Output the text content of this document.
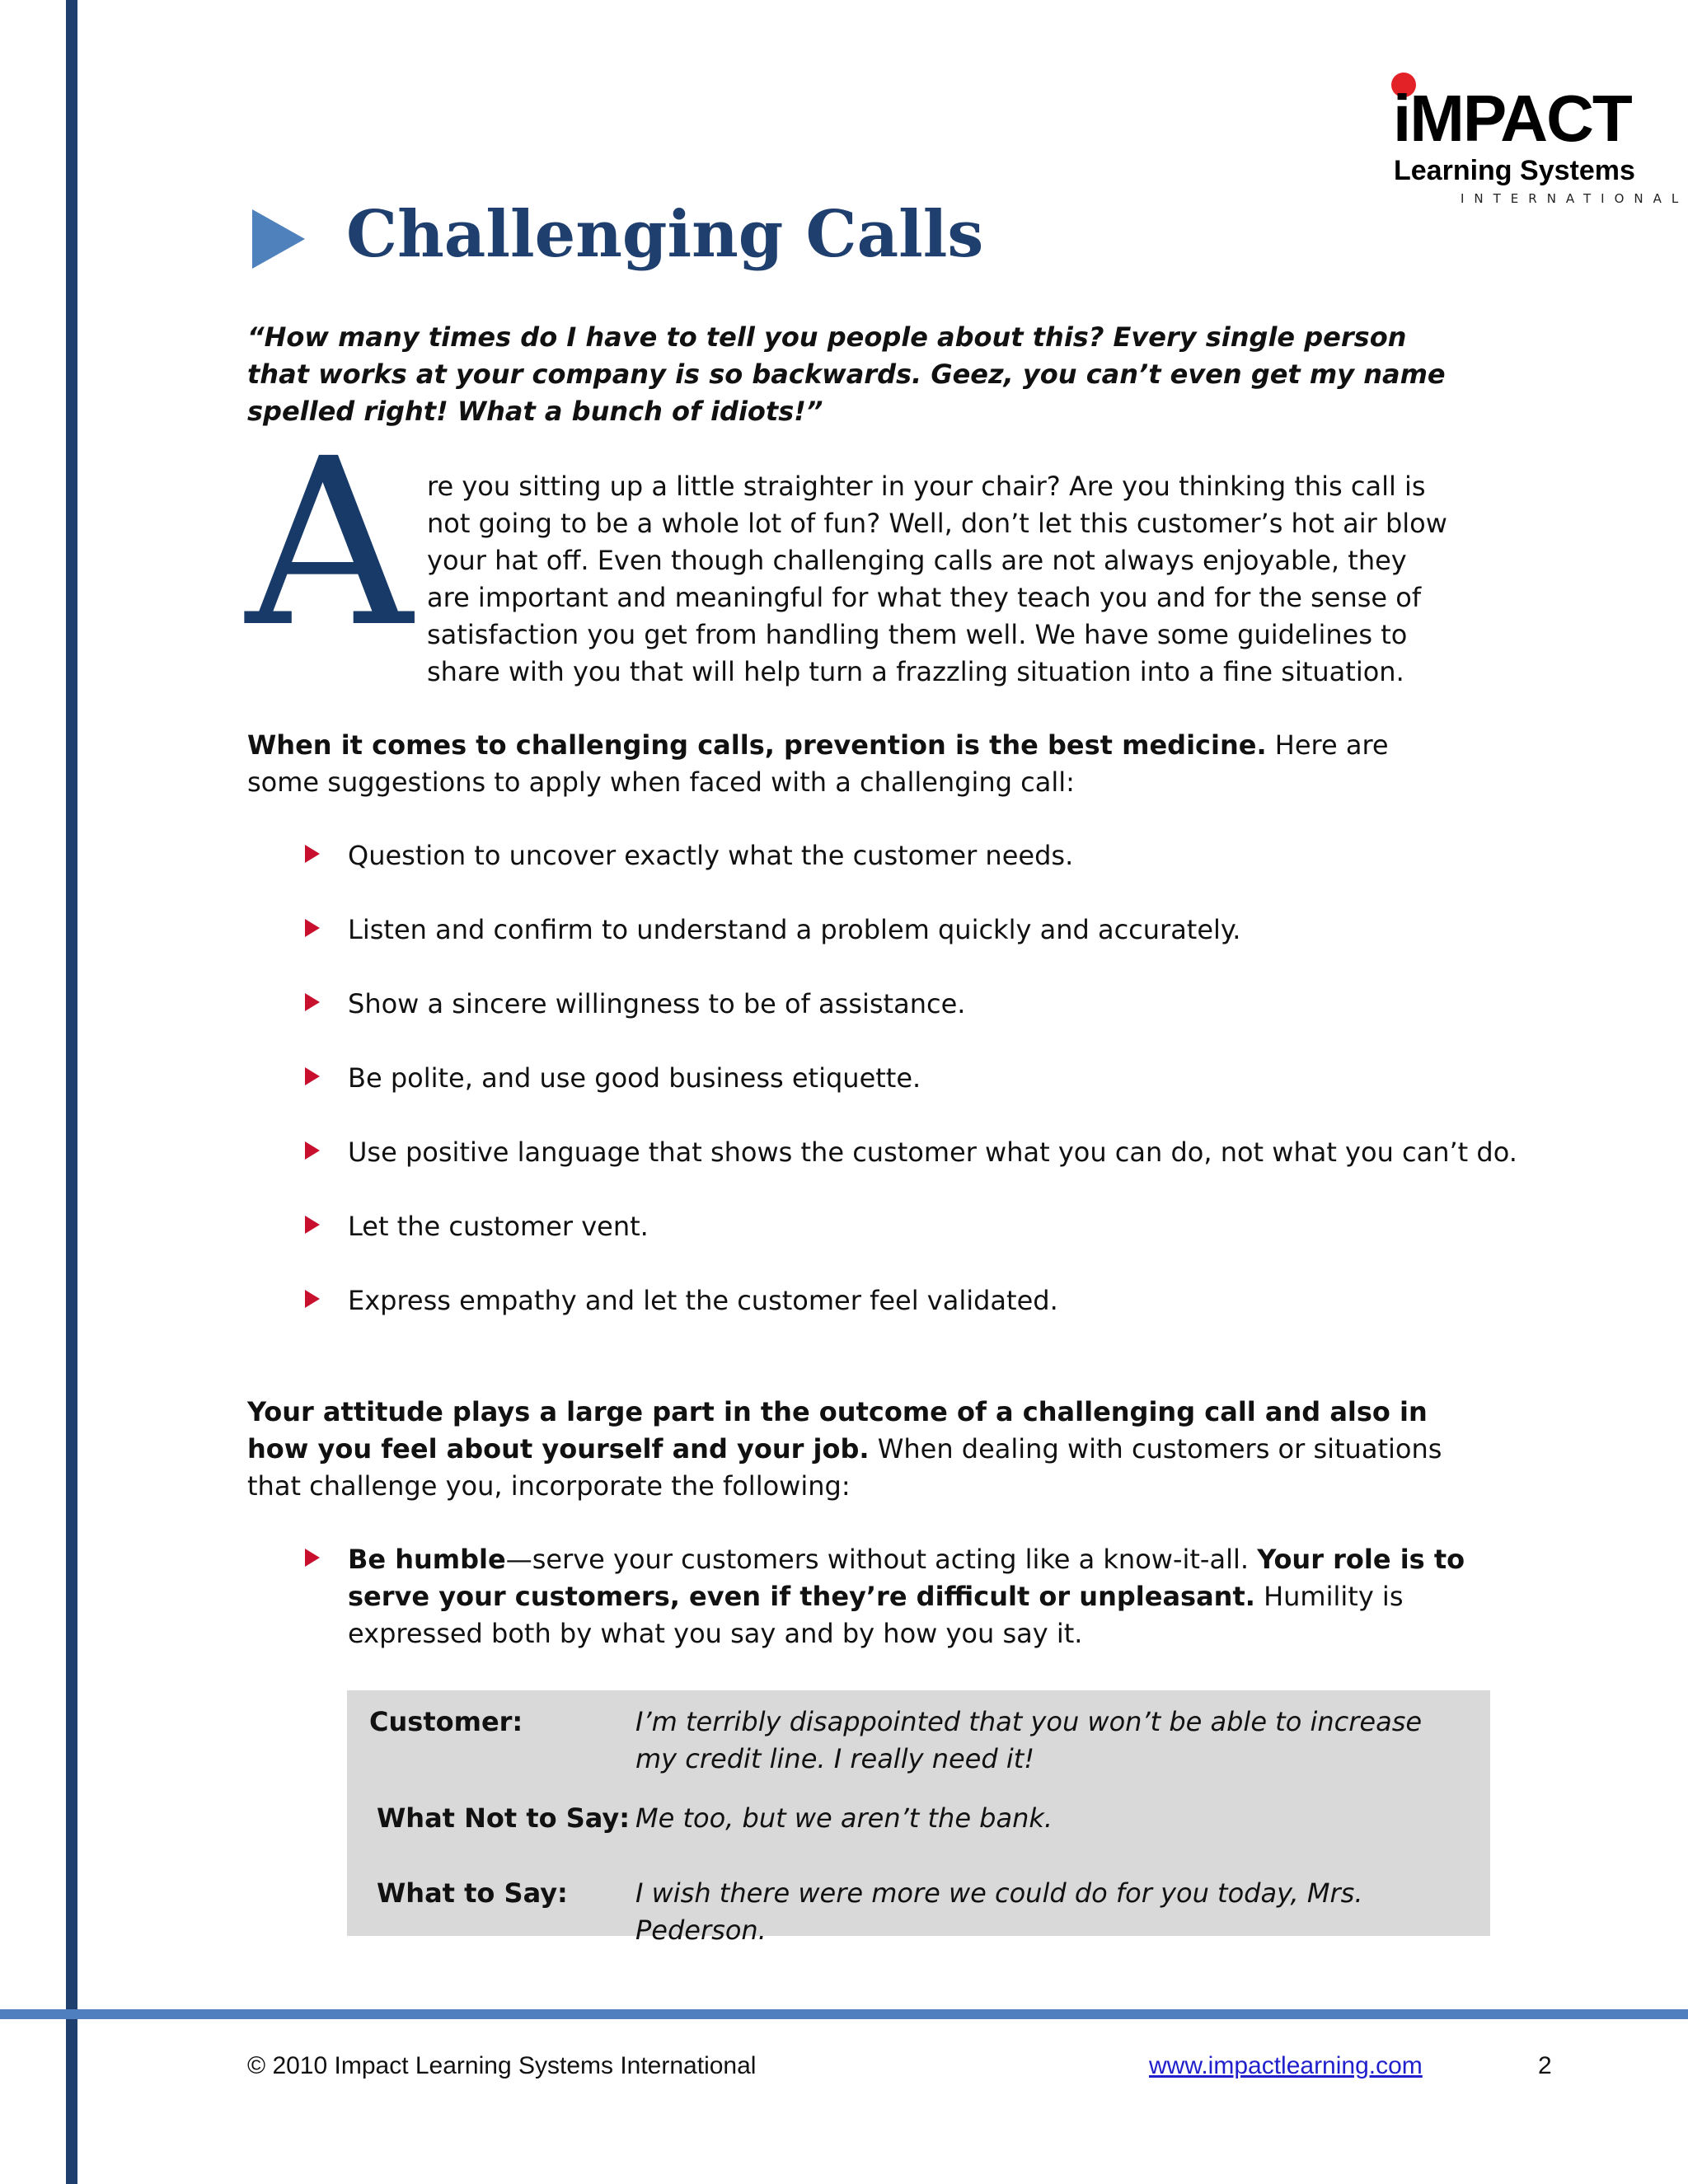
iMPACT
Learning Systems
INTERNATIONAL
Challenging Calls

“How many times do I have to tell you people about this? Every single person that works at your company is so backwards. Geez, you can’t even get my name spelled right! What a bunch of idiots!”

A re you sitting up a little straighter in your chair? Are you thinking this call is not going to be a whole lot of fun? Well, don’t let this customer’s hot air blow your hat off. Even though challenging calls are not always enjoyable, they are important and meaningful for what they teach you and for the sense of satisfaction you get from handling them well. We have some guidelines to share with you that will help turn a frazzling situation into a fine situation.

When it comes to challenging calls, prevention is the best medicine. Here are some suggestions to apply when faced with a challenging call:

Question to uncover exactly what the customer needs.
Listen and confirm to understand a problem quickly and accurately.
Show a sincere willingness to be of assistance.
Be polite, and use good business etiquette.
Use positive language that shows the customer what you can do, not what you can’t do.
Let the customer vent.
Express empathy and let the customer feel validated.

Your attitude plays a large part in the outcome of a challenging call and also in how you feel about yourself and your job. When dealing with customers or situations that challenge you, incorporate the following:

Be humble—serve your customers without acting like a know-it-all. Your role is to serve your customers, even if they’re difficult or unpleasant. Humility is expressed both by what you say and by how you say it.

Customer:	I’m terribly disappointed that you won’t be able to increase my credit line. I really need it!
What Not to Say: Me too, but we aren’t the bank.
What to Say:	I wish there were more we could do for you today, Mrs. Pederson.
© 2010 Impact Learning Systems International	www.impactlearning.com	2
